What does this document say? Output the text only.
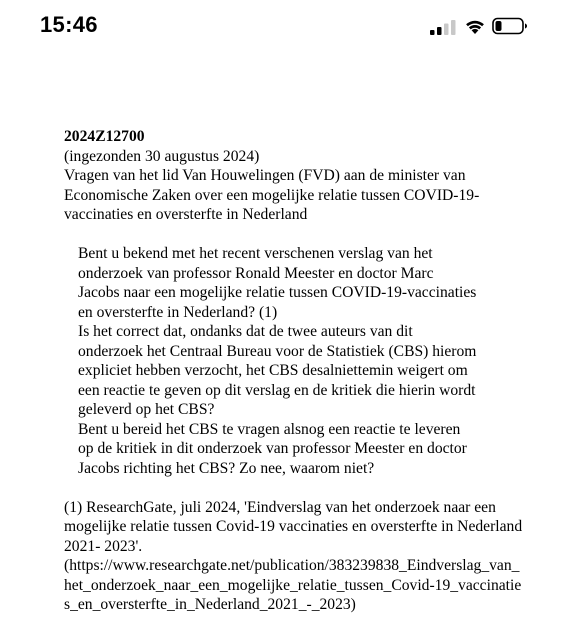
15:46

2024Z12700

(ingezonden 30 augustus 2024)

Vragen van het lid Van Houwelingen (FVD) aan de minister van Economische Zaken over een mogelijke relatie tussen COVID-19-vaccinaties en oversterfte in Nederland

Bent u bekend met het recent verschenen verslag van het onderzoek van professor Ronald Meester en doctor Marc Jacobs naar een mogelijke relatie tussen COVID-19-vaccinaties en oversterfte in Nederland? (1)
Is het correct dat, ondanks dat de twee auteurs van dit onderzoek het Centraal Bureau voor de Statistiek (CBS) hierom expliciet hebben verzocht, het CBS desalniettemin weigert om een reactie te geven op dit verslag en de kritiek die hierin wordt geleverd op het CBS?
Bent u bereid het CBS te vragen alsnog een reactie te leveren op de kritiek in dit onderzoek van professor Meester en doctor Jacobs richting het CBS? Zo nee, waarom niet?

(1) ResearchGate, juli 2024, 'Eindverslag van het onderzoek naar een mogelijke relatie tussen Covid-19 vaccinaties en oversterfte in Nederland 2021- 2023'.

(https://www.researchgate.net/publication/383239838_Eindverslag_van_het_onderzoek_naar_een_mogelijke_relatie_tussen_Covid-19_vaccinaties_en_oversterfte_in_Nederland_2021_-_2023)
